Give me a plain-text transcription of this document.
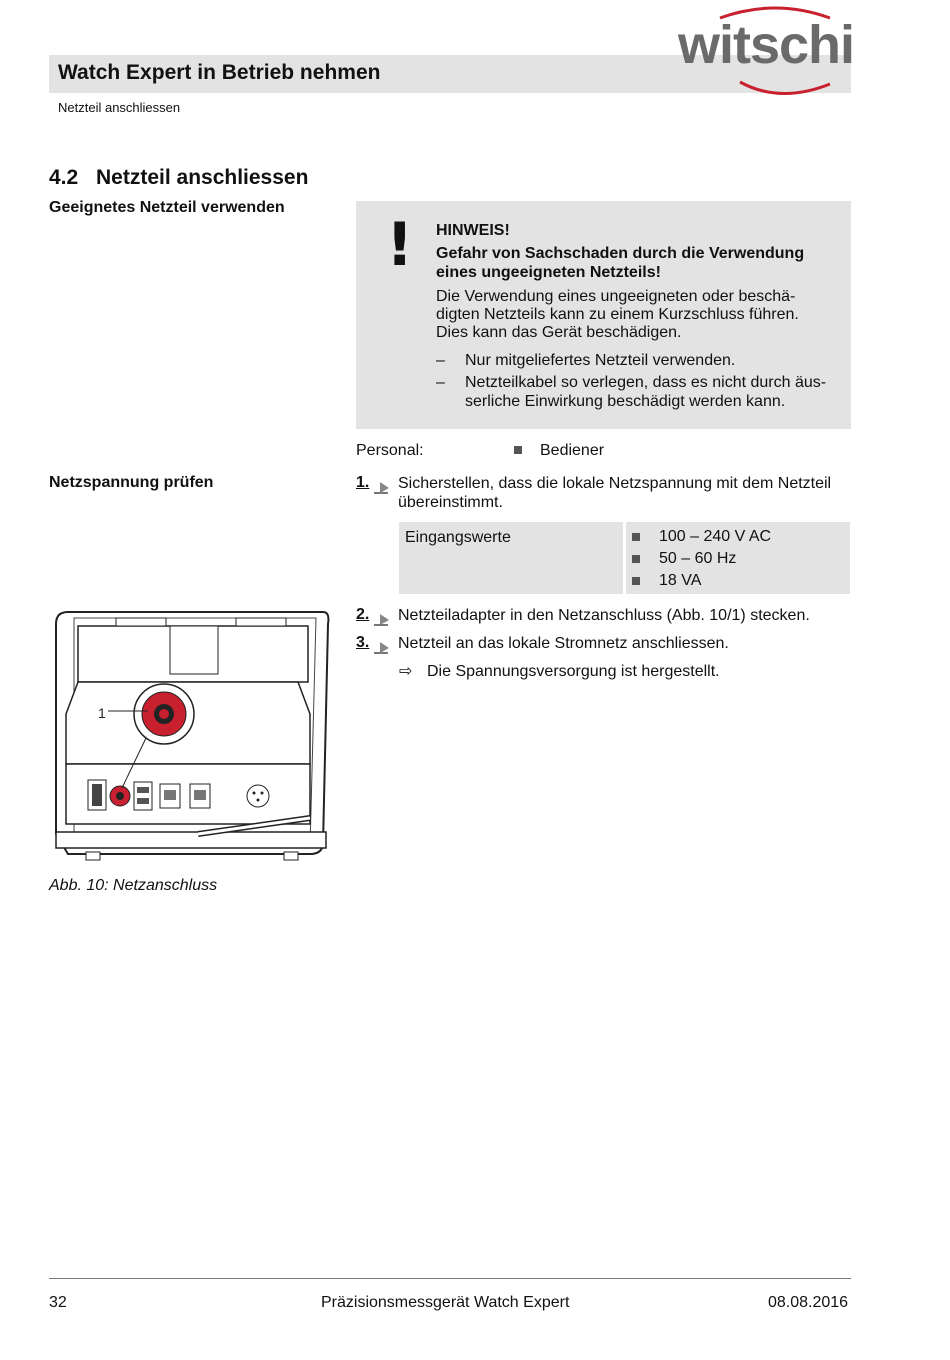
Watch Expert in Betrieb nehmen
Netzteil anschliessen
witschi
4.2 Netzteil anschliessen
Geeignetes Netzteil verwenden
! HINWEIS!
Gefahr von Sachschaden durch die Verwendung eines ungeeigneten Netzteils!
Die Verwendung eines ungeeigneten oder beschä-
digten Netzteils kann zu einem Kurzschluss führen.
Dies kann das Gerät beschädigen.
– Nur mitgeliefertes Netzteil verwenden.
– Netzteilkabel so verlegen, dass es nicht durch äus-serliche Einwirkung beschädigt werden kann.
Personal:	Bediener
Netzspannung prüfen	1. Sicherstellen, dass die lokale Netzspannung mit dem Netzteil übereinstimmt.
Eingangswerte	100 – 240 V AC
50 – 60 Hz
18 VA
2. Netzteiladapter in den Netzanschluss (Abb. 10/1) stecken.
3. Netzteil an das lokale Stromnetz anschliessen.
⇨ Die Spannungsversorgung ist hergestellt.
1
Abb. 10: Netzanschluss
32	Präzisionsmessgerät Watch Expert	08.08.2016
